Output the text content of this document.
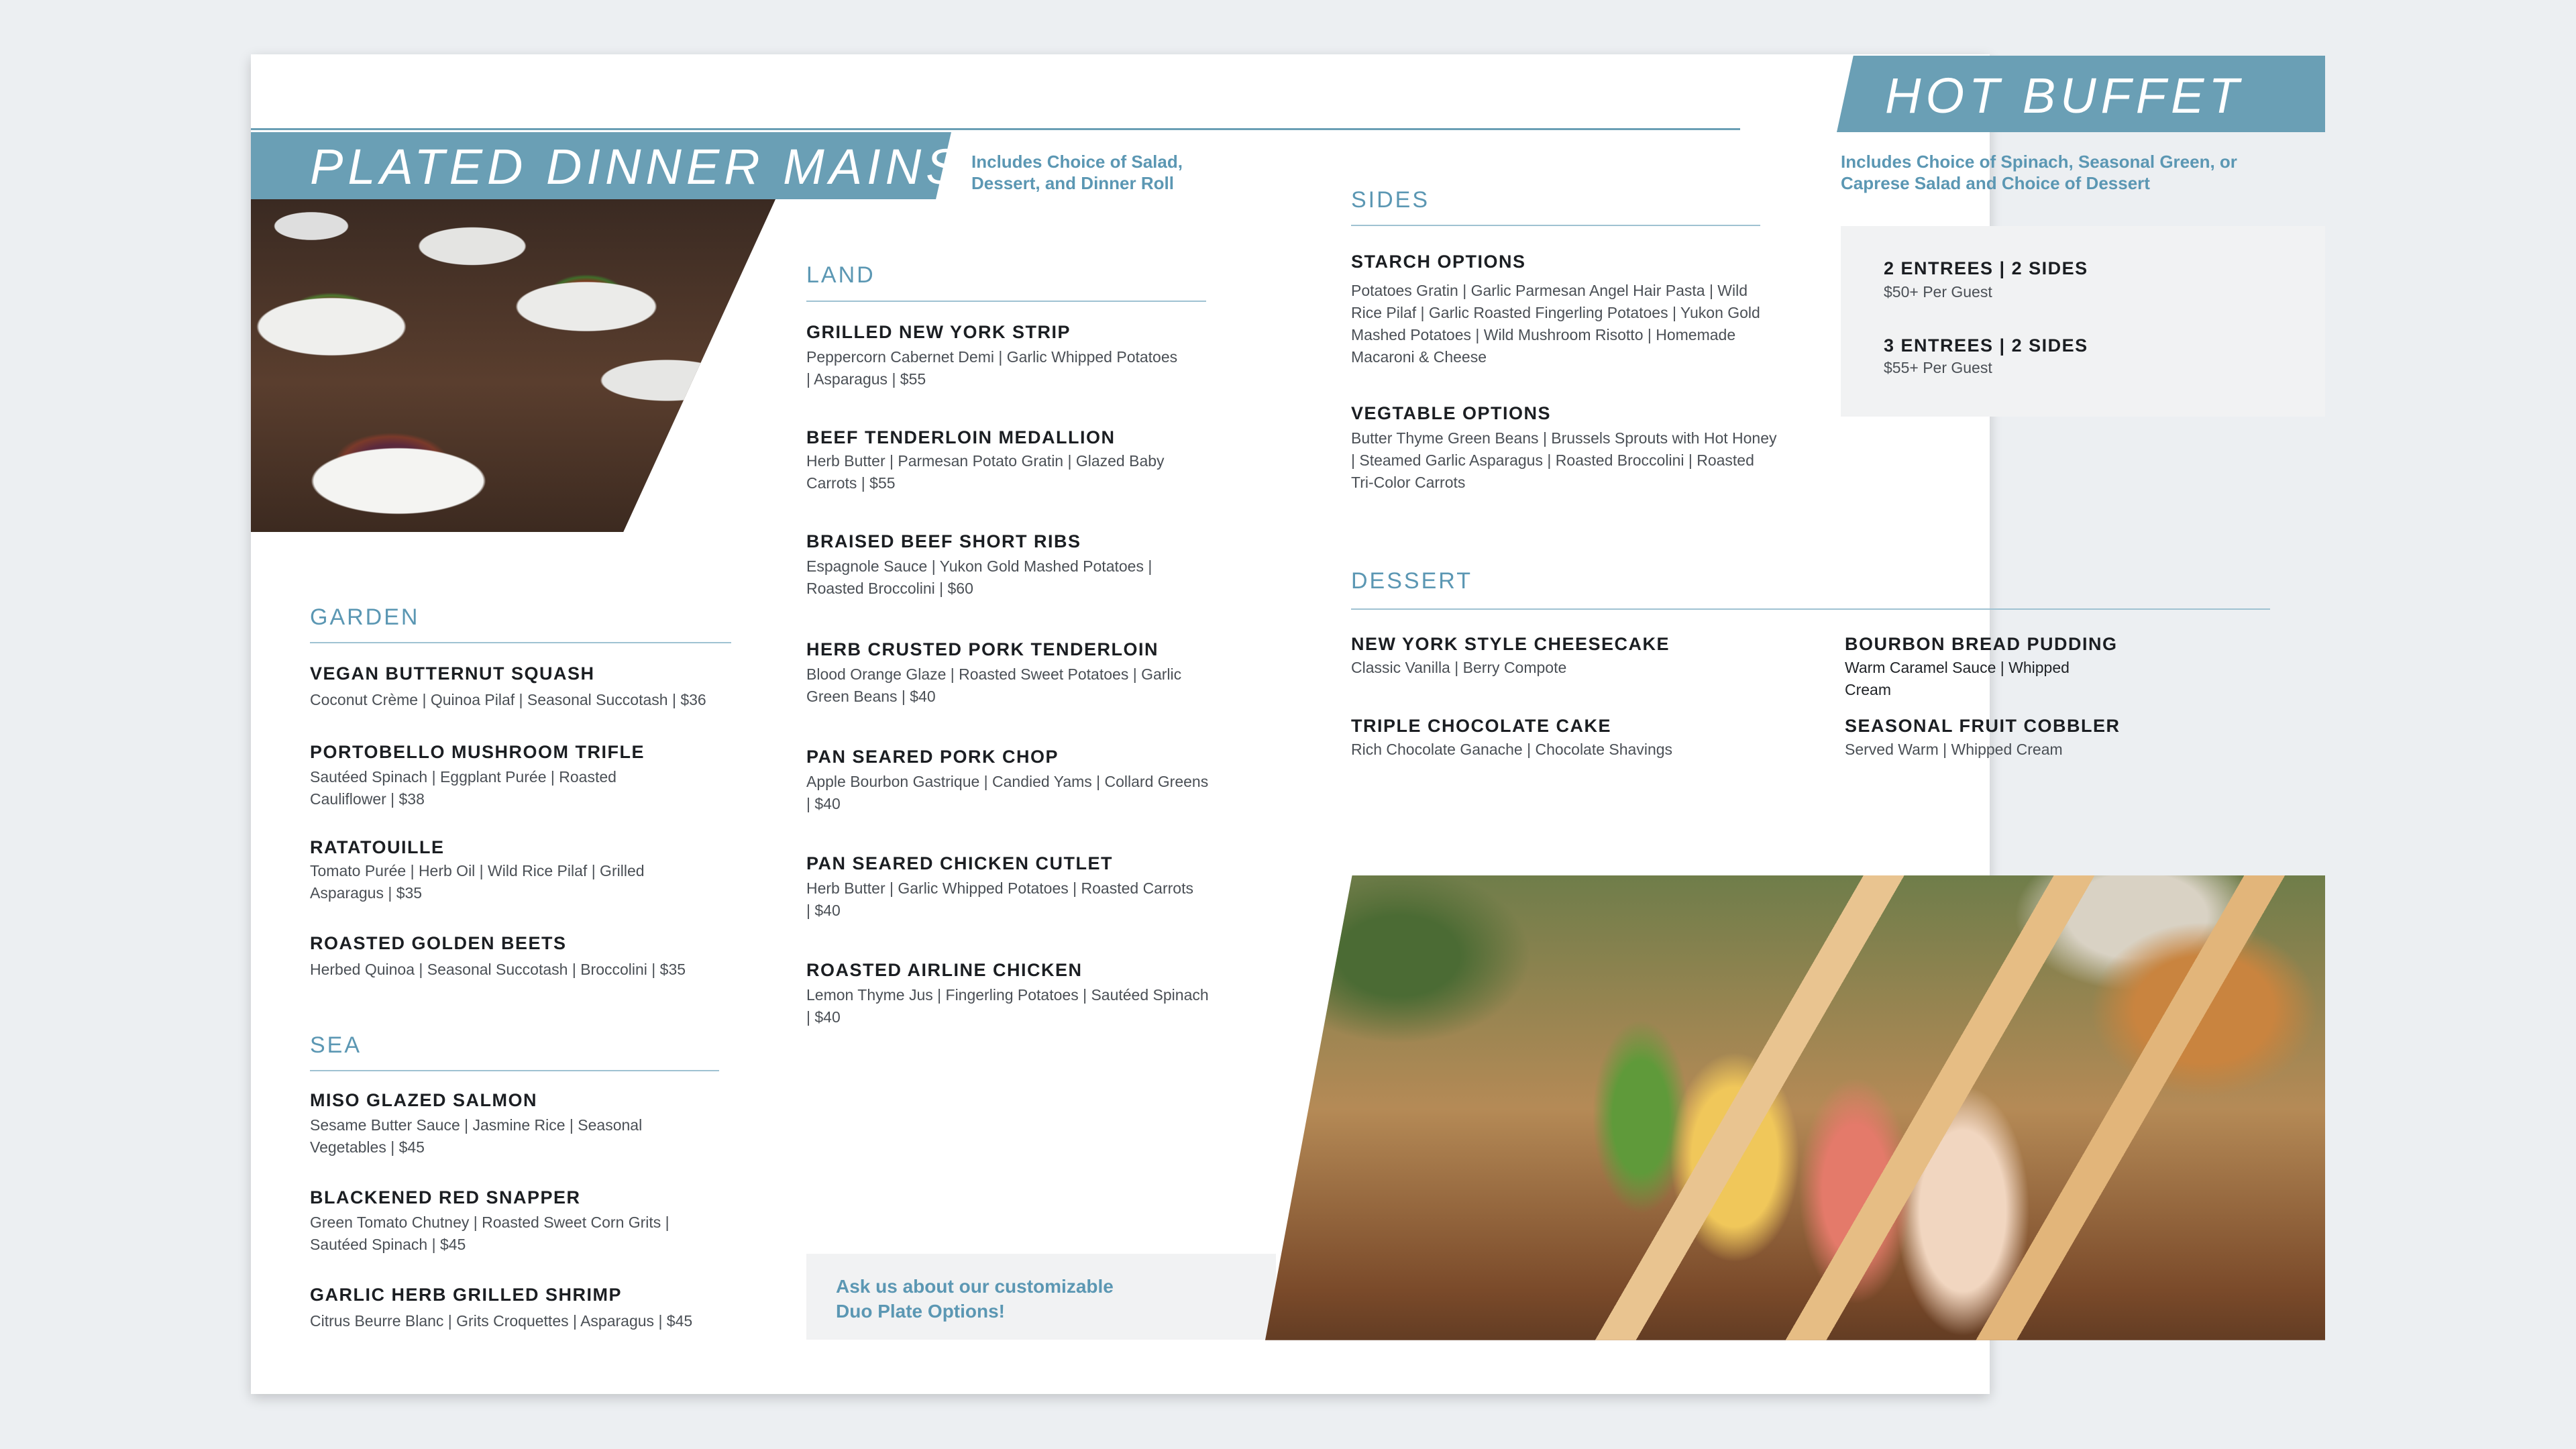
PLATED DINNER MAINS
HOT BUFFET
Includes Choice of Salad, Dessert, and Dinner Roll
GARDEN
VEGAN BUTTERNUT SQUASH
Coconut Crème | Quinoa Pilaf | Seasonal Succotash | $36
PORTOBELLO MUSHROOM TRIFLE
Sautéed Spinach | Eggplant Purée | Roasted Cauliflower | $38
RATATOUILLE
Tomato Purée | Herb Oil | Wild Rice Pilaf | Grilled Asparagus | $35
ROASTED GOLDEN BEETS
Herbed Quinoa | Seasonal Succotash | Broccolini | $35
SEA
MISO GLAZED SALMON
Sesame Butter Sauce | Jasmine Rice | Seasonal Vegetables | $45
BLACKENED RED SNAPPER
Green Tomato Chutney | Roasted Sweet Corn Grits | Sautéed Spinach | $45
GARLIC HERB GRILLED SHRIMP
Citrus Beurre Blanc | Grits Croquettes | Asparagus | $45
LAND
GRILLED NEW YORK STRIP
Peppercorn Cabernet Demi | Garlic Whipped Potatoes | Asparagus | $55
BEEF TENDERLOIN MEDALLION
Herb Butter | Parmesan Potato Gratin | Glazed Baby Carrots | $55
BRAISED BEEF SHORT RIBS
Espagnole Sauce | Yukon Gold Mashed Potatoes | Roasted Broccolini | $60
HERB CRUSTED PORK TENDERLOIN
Blood Orange Glaze | Roasted Sweet Potatoes | Garlic Green Beans | $40
PAN SEARED PORK CHOP
Apple Bourbon Gastrique | Candied Yams | Collard Greens | $40
PAN SEARED CHICKEN CUTLET
Herb Butter | Garlic Whipped Potatoes | Roasted Carrots | $40
ROASTED AIRLINE CHICKEN
Lemon Thyme Jus | Fingerling Potatoes | Sautéed Spinach | $40
Ask us about our customizable Duo Plate Options!
SIDES
STARCH OPTIONS
Potatoes Gratin | Garlic Parmesan Angel Hair Pasta | Wild Rice Pilaf | Garlic Roasted Fingerling Potatoes | Yukon Gold Mashed Potatoes | Wild Mushroom Risotto | Homemade Macaroni & Cheese
VEGTABLE OPTIONS
Butter Thyme Green Beans | Brussels Sprouts with Hot Honey | Steamed Garlic Asparagus | Roasted Broccolini | Roasted Tri-Color Carrots
Includes Choice of Spinach, Seasonal Green, or Caprese Salad and Choice of Dessert
2 ENTREES | 2 SIDES
$50+ Per Guest
3 ENTREES | 2 SIDES
$55+ Per Guest
DESSERT
NEW YORK STYLE CHEESECAKE
Classic Vanilla | Berry Compote
TRIPLE CHOCOLATE CAKE
Rich Chocolate Ganache | Chocolate Shavings
BOURBON BREAD PUDDING
Warm Caramel Sauce | Whipped Cream
SEASONAL FRUIT COBBLER
Served Warm | Whipped Cream
